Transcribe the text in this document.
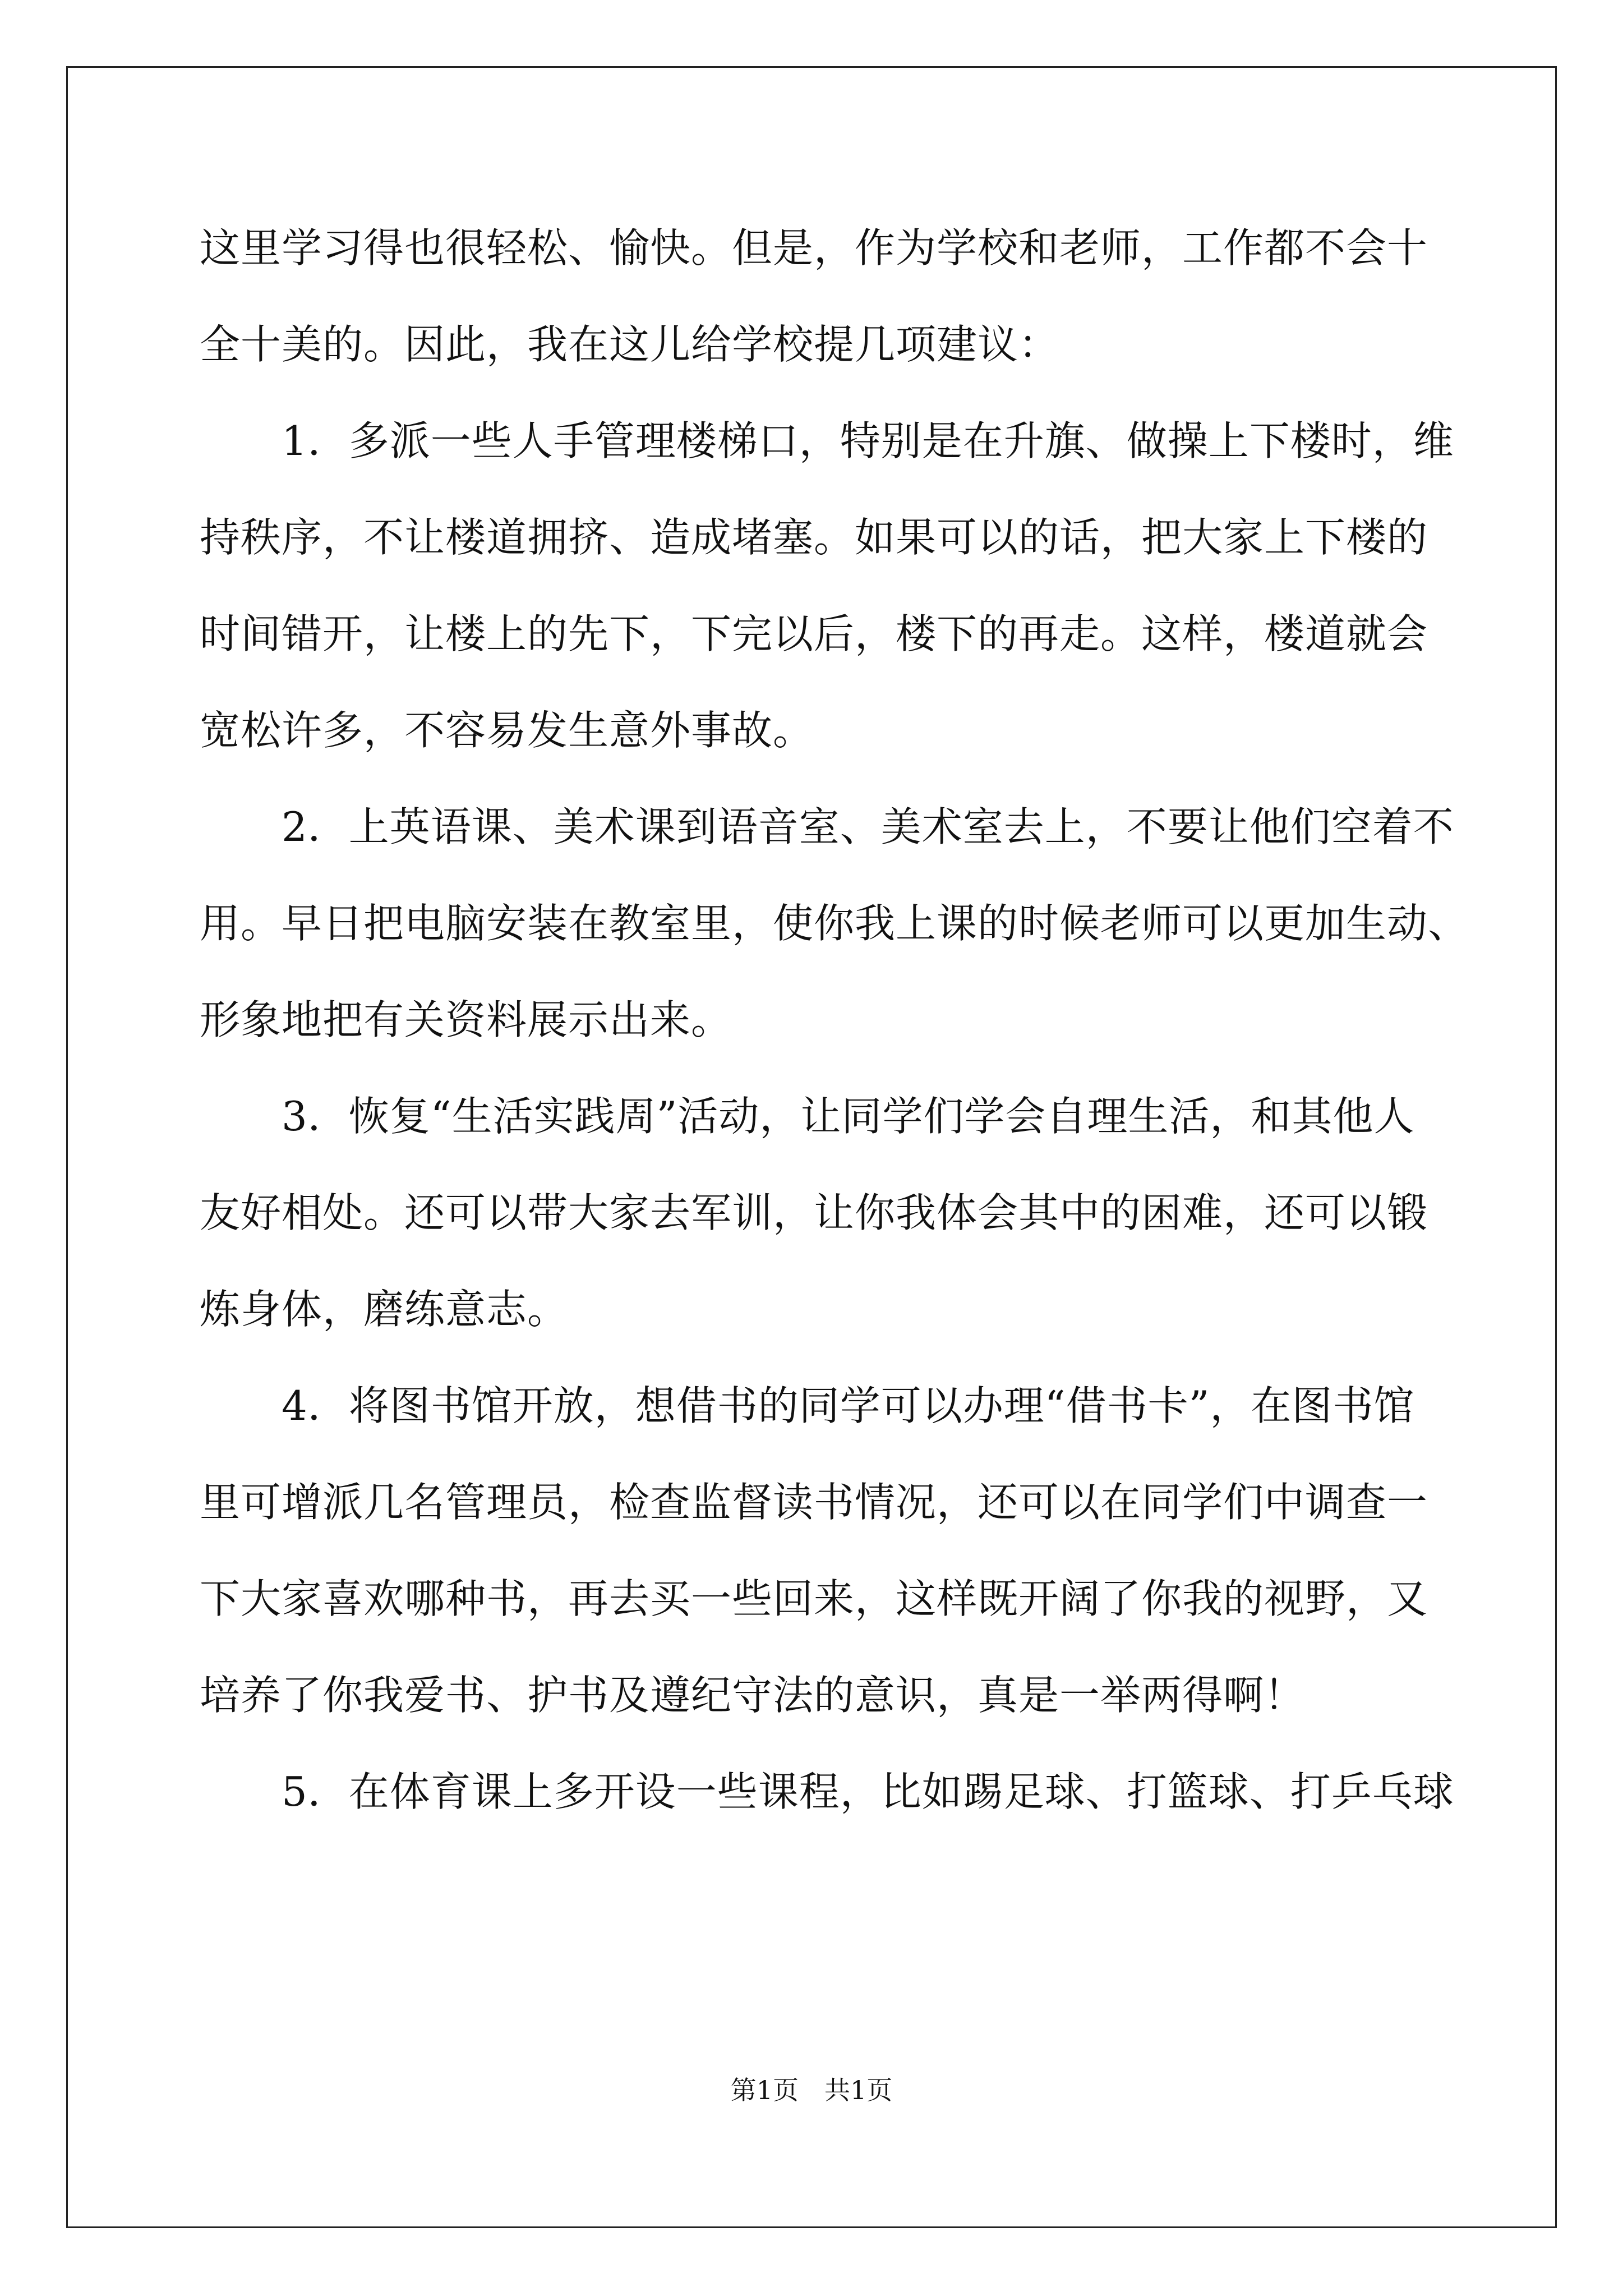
这里学习得也很轻松、愉快。但是，作为学校和老师，工作都不会十
全十美的。因此，我在这儿给学校提几项建议：
　　1．多派一些人手管理楼梯口，特别是在升旗、做操上下楼时，维
持秩序，不让楼道拥挤、造成堵塞。如果可以的话，把大家上下楼的
时间错开，让楼上的先下，下完以后，楼下的再走。这样，楼道就会
宽松许多，不容易发生意外事故。
　　2．上英语课、美术课到语音室、美术室去上，不要让他们空着不
用。早日把电脑安装在教室里，使你我上课的时候老师可以更加生动、
形象地把有关资料展示出来。
　　3．恢复“生活实践周”活动，让同学们学会自理生活，和其他人
友好相处。还可以带大家去军训，让你我体会其中的困难，还可以锻
炼身体，磨练意志。
　　4．将图书馆开放，想借书的同学可以办理“借书卡”，在图书馆
里可增派几名管理员，检查监督读书情况，还可以在同学们中调查一
下大家喜欢哪种书，再去买一些回来，这样既开阔了你我的视野，又
培养了你我爱书、护书及遵纪守法的意识，真是一举两得啊！
　　5．在体育课上多开设一些课程，比如踢足球、打篮球、打乒乓球
第1页　共1页
